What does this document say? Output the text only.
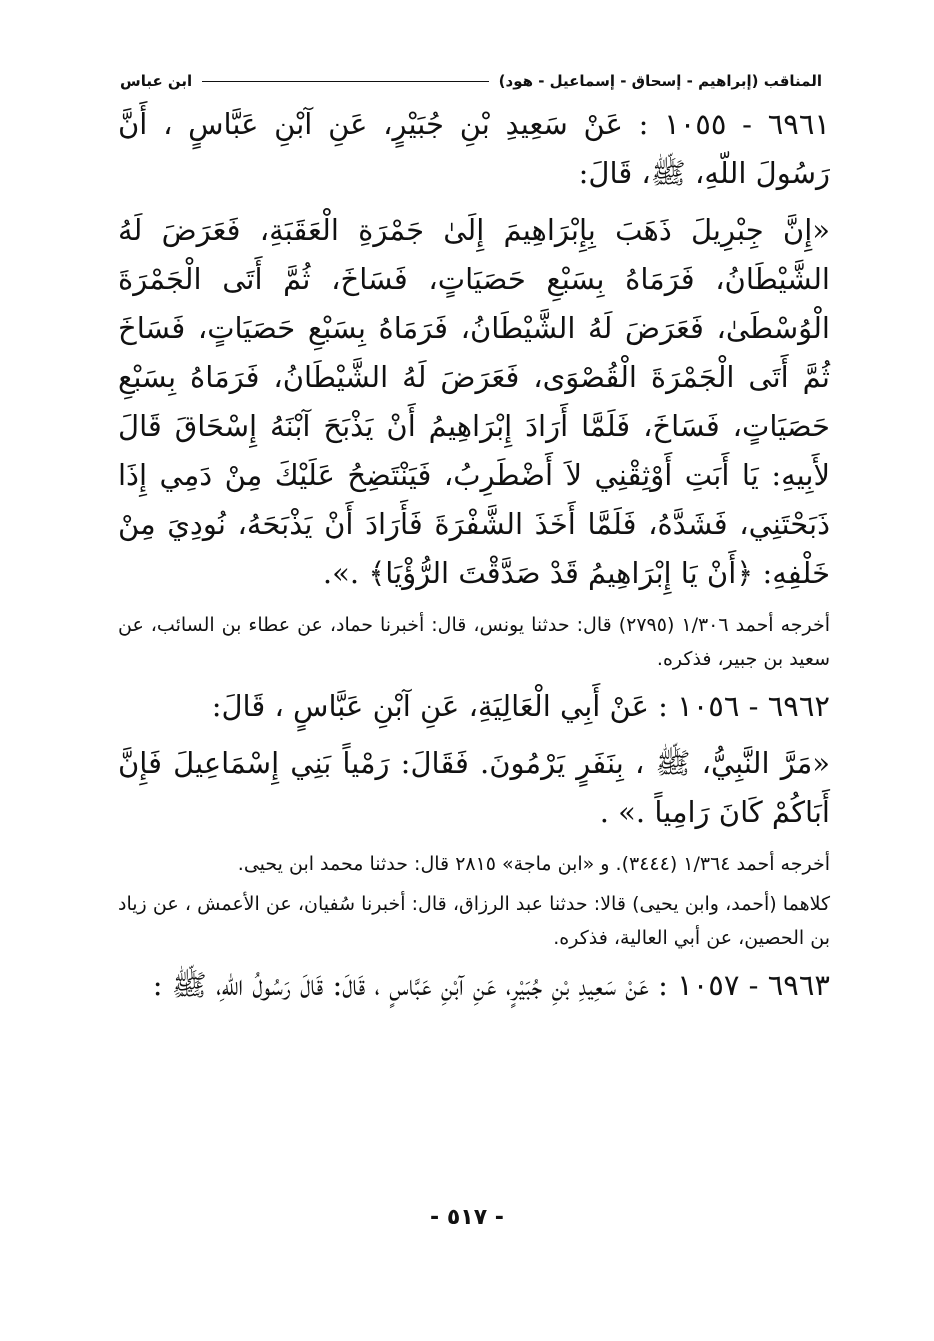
المناقب (إبراهيم - إسحاق - إسماعيل - هود)
ابن عباس

٦٩٦١ - ١٠٥٥ : عَنْ سَعِيدِ بْنِ جُبَيْرٍ، عَنِ آبْنِ عَبَّاسٍ ، أَنَّ رَسُولَ اللّهِ، ﷺ، قَالَ:

«إِنَّ جِبْرِيلَ ذَهَبَ بِإِبْرَاهِيمَ إِلَىٰ جَمْرَةِ الْعَقَبَةِ، فَعَرَضَ لَهُ الشَّيْطَانُ، فَرَمَاهُ بِسَبْعِ حَصَيَاتٍ، فَسَاخَ، ثُمَّ أَتَى الْجَمْرَةَ الْوُسْطَىٰ، فَعَرَضَ لَهُ الشَّيْطَانُ، فَرَمَاهُ بِسَبْعِ حَصَيَاتٍ، فَسَاخَ ثُمَّ أَتَى الْجَمْرَةَ الْقُصْوَى، فَعَرَضَ لَهُ الشَّيْطَانُ، فَرَمَاهُ بِسَبْعِ حَصَيَاتٍ، فَسَاخَ، فَلَمَّا أَرَادَ إِبْرَاهِيمُ أَنْ يَذْبَحَ آبْنَهُ إِسْحَاقَ قَالَ لأَبِيهِ: يَا أَبَتِ أَوْثِقْنِي لاَ أَضْطَرِبُ، فَيَنْتَضِحُ عَلَيْكَ مِنْ دَمِي إِذَا ذَبَحْتَنِي، فَشَدَّهُ، فَلَمَّا أَخَذَ الشَّفْرَةَ فَأَرَادَ أَنْ يَذْبَحَهُ، نُودِيَ مِنْ خَلْفِهِ: ﴿أَنْ يَا إِبْرَاهِيمُ قَدْ صَدَّقْتَ الرُّؤْيَا﴾ .».

أخرجه أحمد ١/٣٠٦ (٢٧٩٥) قال: حدثنا يونس، قال: أخبرنا حماد، عن عطاء بن السائب، عن سعيد بن جبير، فذكره.

٦٩٦٢ - ١٠٥٦ : عَنْ أَبِي الْعَالِيَةِ، عَنِ آبْنِ عَبَّاسٍ ، قَالَ:

«مَرَّ النَّبِيُّ، ﷺ ، بِنَفَرٍ يَرْمُونَ. فَقَالَ: رَمْياً بَنِي إِسْمَاعِيلَ فَإِنَّ أَبَاكُمْ كَانَ رَامِياً .» .

أخرجه أحمد ١/٣٦٤ (٣٤٤٤). و «ابن ماجة» ٢٨١٥ قال: حدثنا محمد ابن يحيى.

كلاهما (أحمد، وابن يحيى) قالا: حدثنا عبد الرزاق، قال: أخبرنا سُفيان، عن الأعمش ، عن زياد بن الحصين، عن أبي العالية، فذكره.

٦٩٦٣ - ١٠٥٧ : عَنْ سَعِيدِ بْنِ جُبَيْرٍ، عَنِ آبْنِ عَبَّاسٍ ، قَالَ: قَالَ رَسُولُ اللّهِ، ﷺ :

- ٥١٧ -
